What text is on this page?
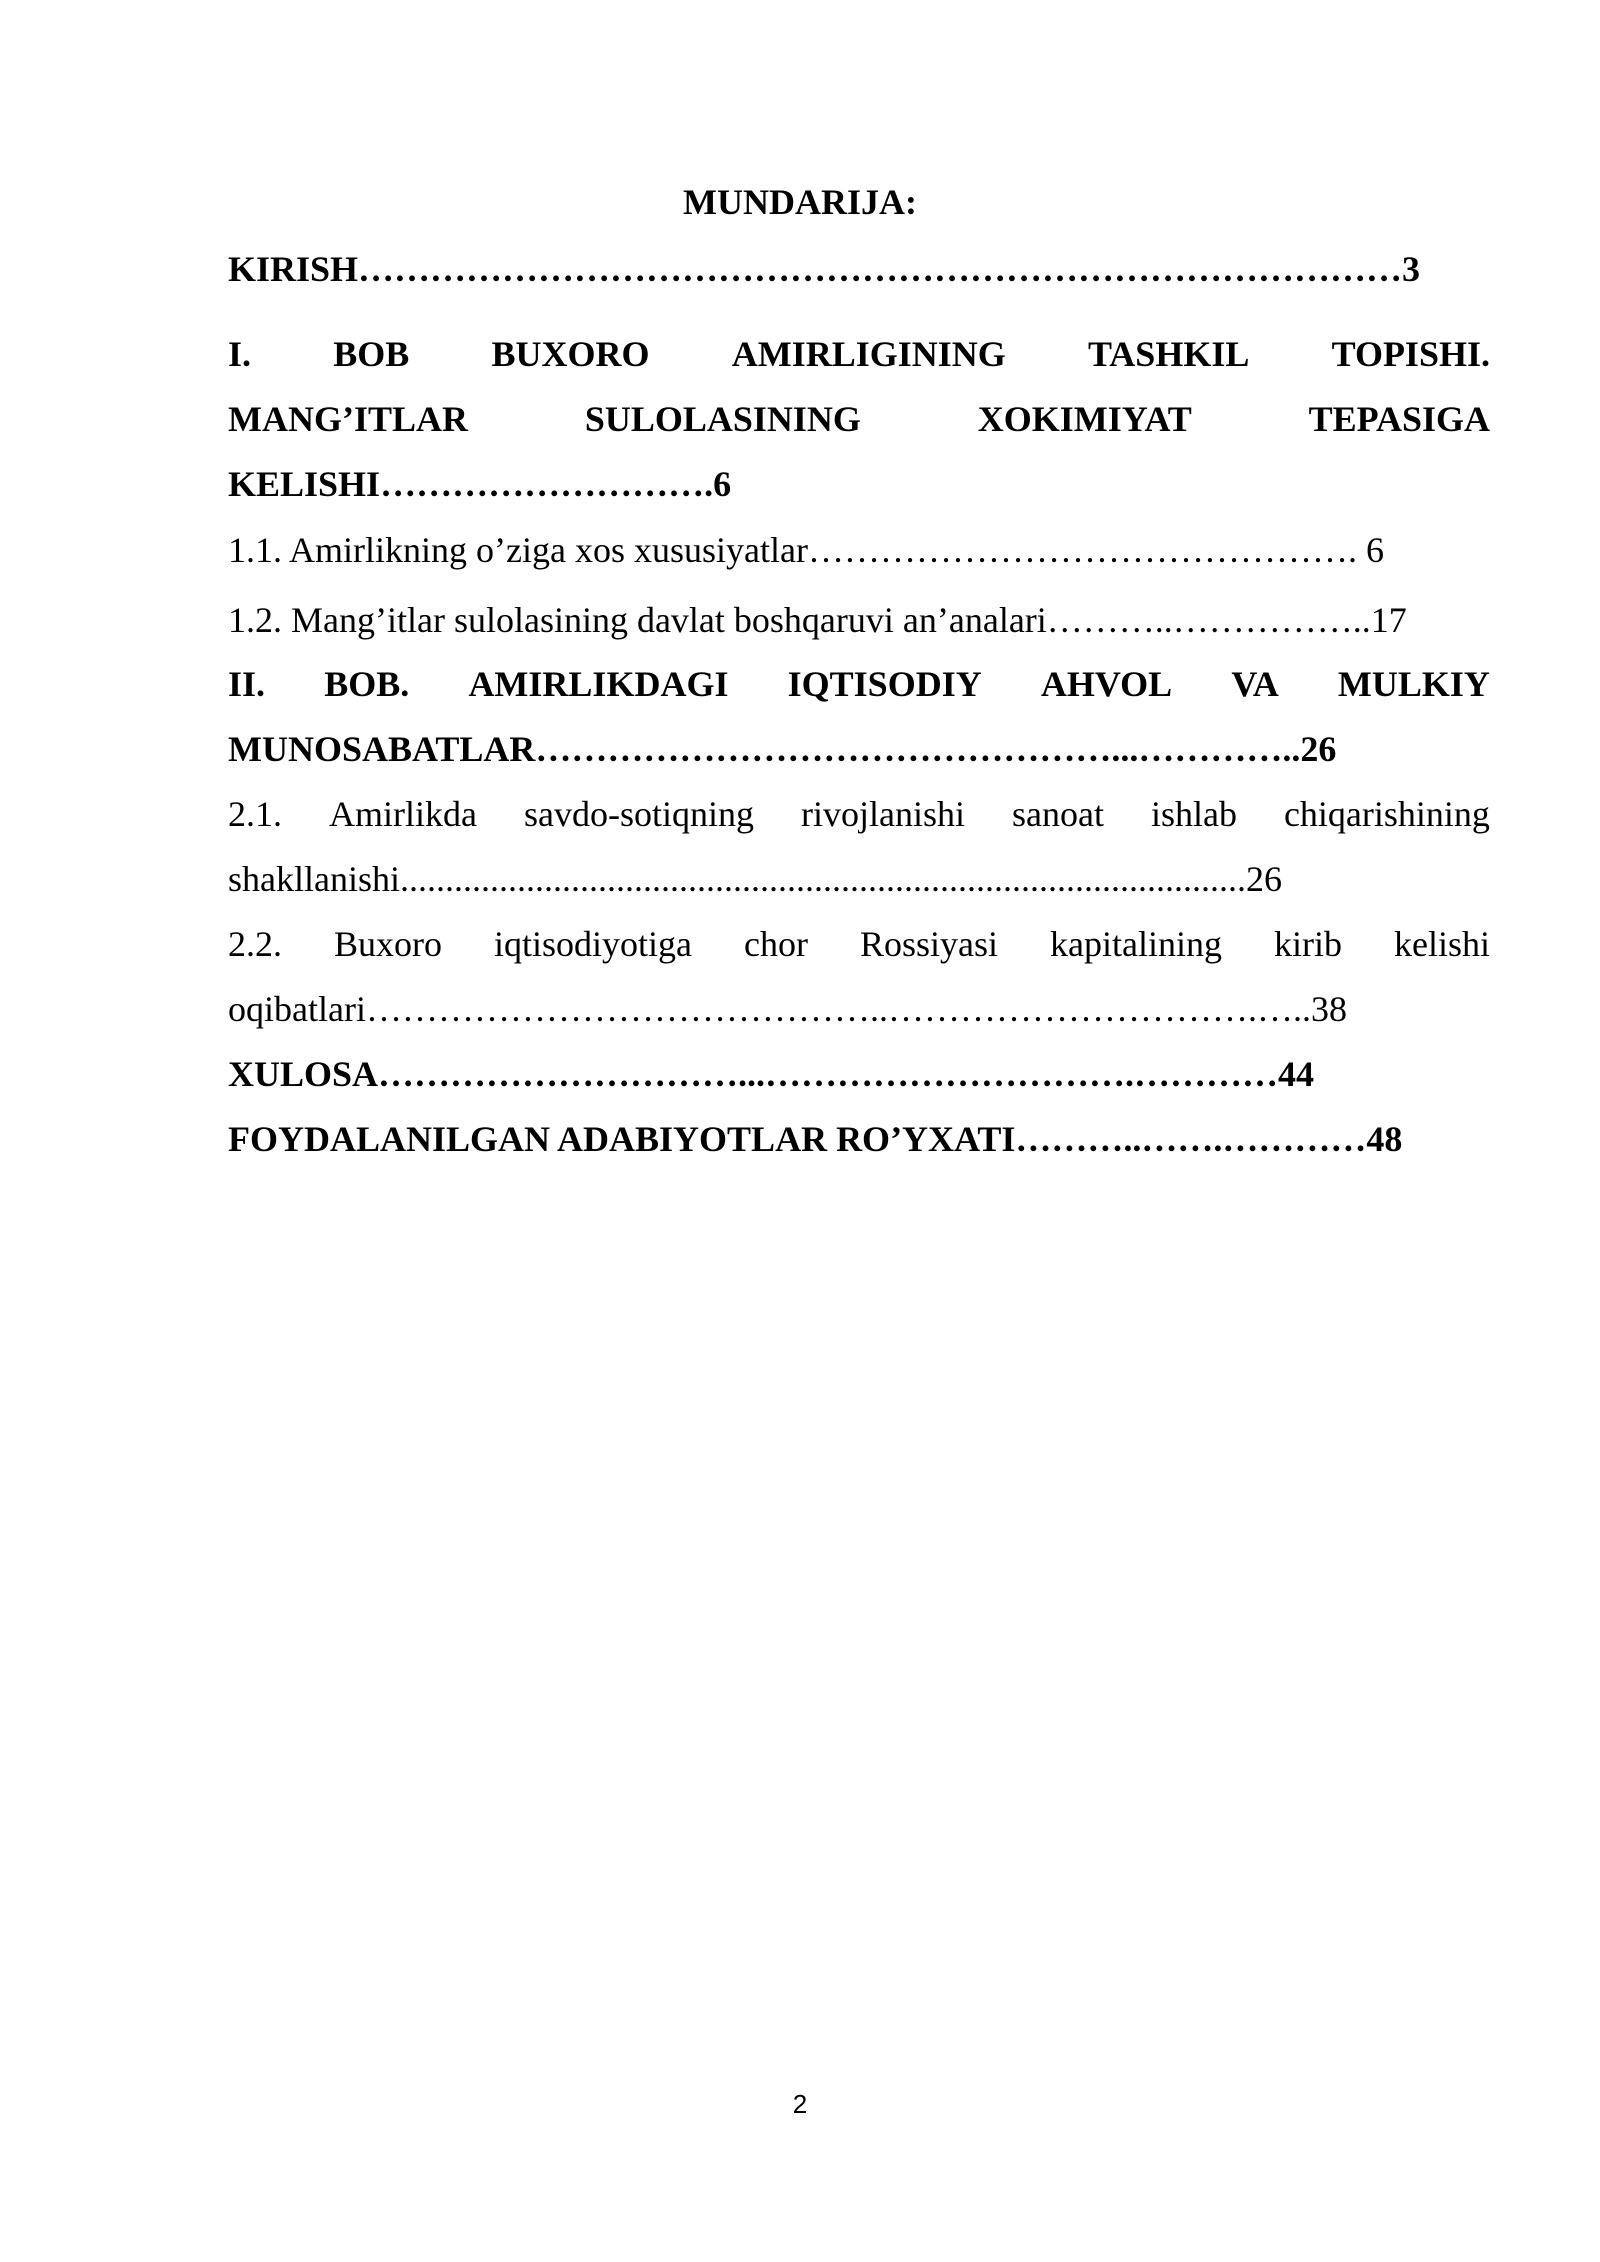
MUNDARIJA:
KIRISH……………………………………………………………………………3
I. BOB BUXORO AMIRLIGINING TASHKIL TOPISHI.
MANG’ITLAR	SULOLASINING	XOKIMIYAT	TEPASIGA
KELISHI……………………….6
1.1. Amirlikning o’ziga xos xususiyatlar………………………………………. 6
1.2. Mang’itlar sulolasining davlat boshqaruvi an’analari………..……………..17
II. BOB. AMIRLIKDAGI IQTISODIY AHVOL VA MULKIY
MUNOSABATLAR…………………………………………...…………..26
2.1. Amirlikda savdo-sotiqning rivojlanishi sanoat ishlab chiqarishining
shakllanishi..............................................................................................26
2.2. Buxoro iqtisodiyotiga chor Rossiyasi kapitalining kirib kelishi
oqibatlari……………………………………..………………………….…..38
XULOSA…………………………...………………………….…………44
FOYDALANILGAN ADABIYOTLAR RO’YXATI………..…….…………48
2
